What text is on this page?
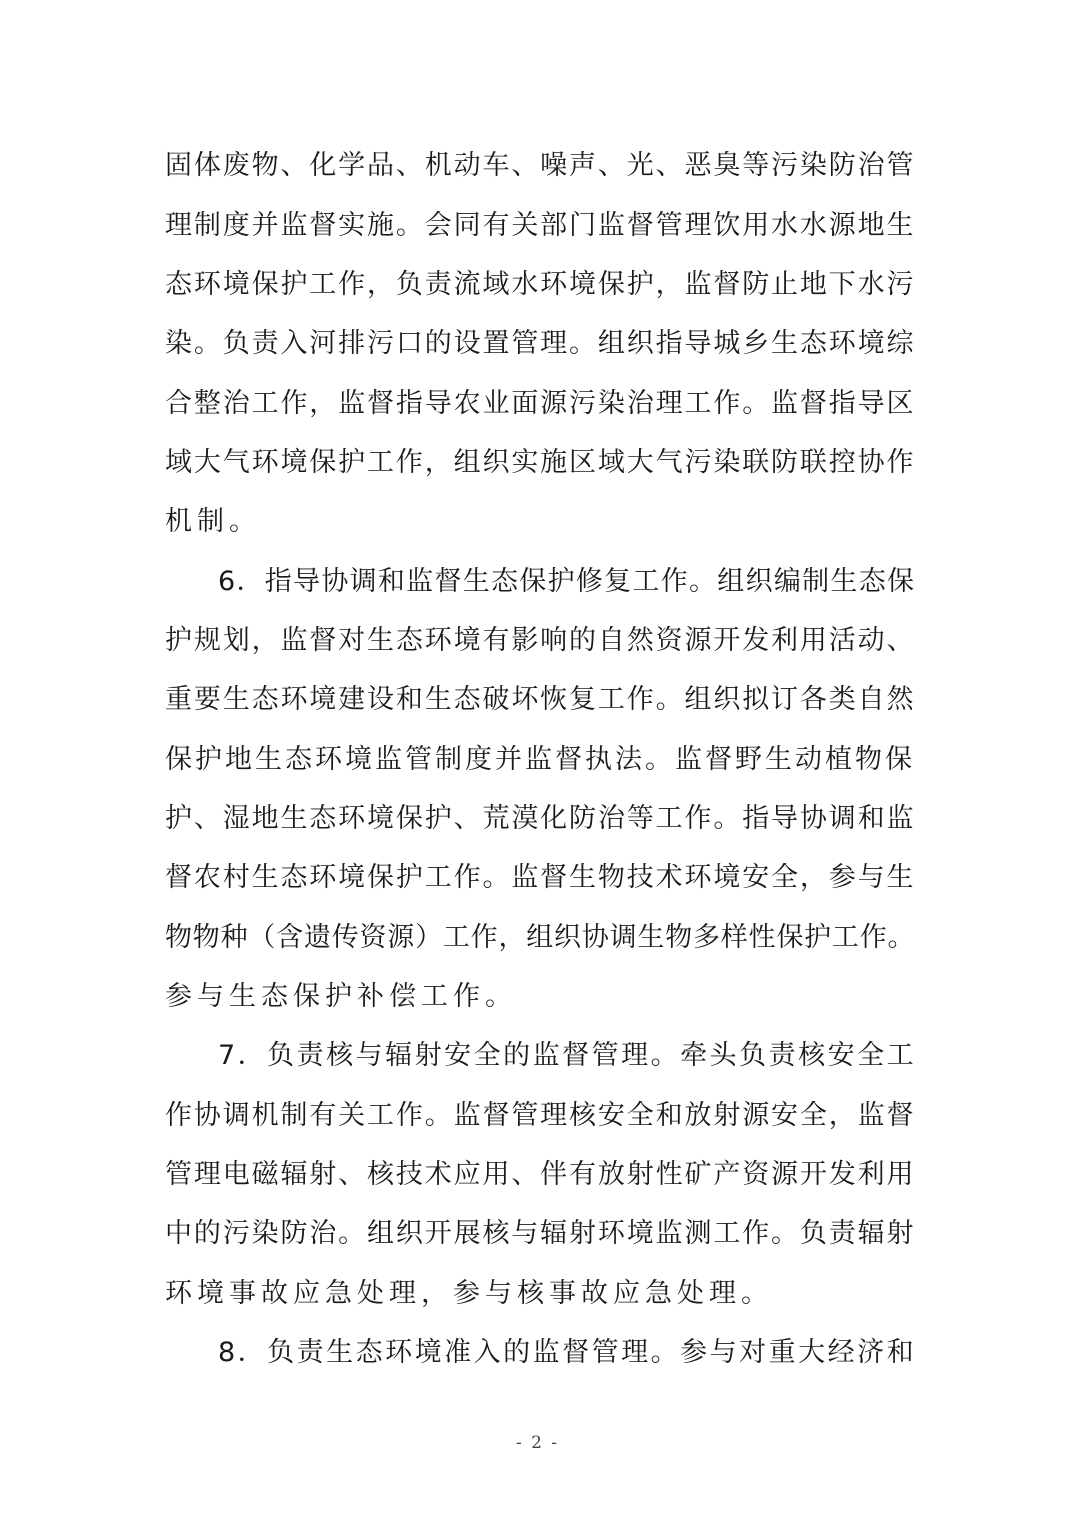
固体废物、化学品、机动车、噪声、光、恶臭等污染防治管
理制度并监督实施。会同有关部门监督管理饮用水水源地生
态环境保护工作，负责流域水环境保护，监督防止地下水污
染。负责入河排污口的设置管理。组织指导城乡生态环境综
合整治工作，监督指导农业面源污染治理工作。监督指导区
域大气环境保护工作，组织实施区域大气污染联防联控协作
机制。
6．指导协调和监督生态保护修复工作。组织编制生态保
护规划，监督对生态环境有影响的自然资源开发利用活动、
重要生态环境建设和生态破坏恢复工作。组织拟订各类自然
保护地生态环境监管制度并监督执法。监督野生动植物保
护、湿地生态环境保护、荒漠化防治等工作。指导协调和监
督农村生态环境保护工作。监督生物技术环境安全，参与生
物物种（含遗传资源）工作，组织协调生物多样性保护工作。
参与生态保护补偿工作。
7．负责核与辐射安全的监督管理。牵头负责核安全工
作协调机制有关工作。监督管理核安全和放射源安全，监督
管理电磁辐射、核技术应用、伴有放射性矿产资源开发利用
中的污染防治。组织开展核与辐射环境监测工作。负责辐射
环境事故应急处理，参与核事故应急处理。
8．负责生态环境准入的监督管理。参与对重大经济和
- 2 -
